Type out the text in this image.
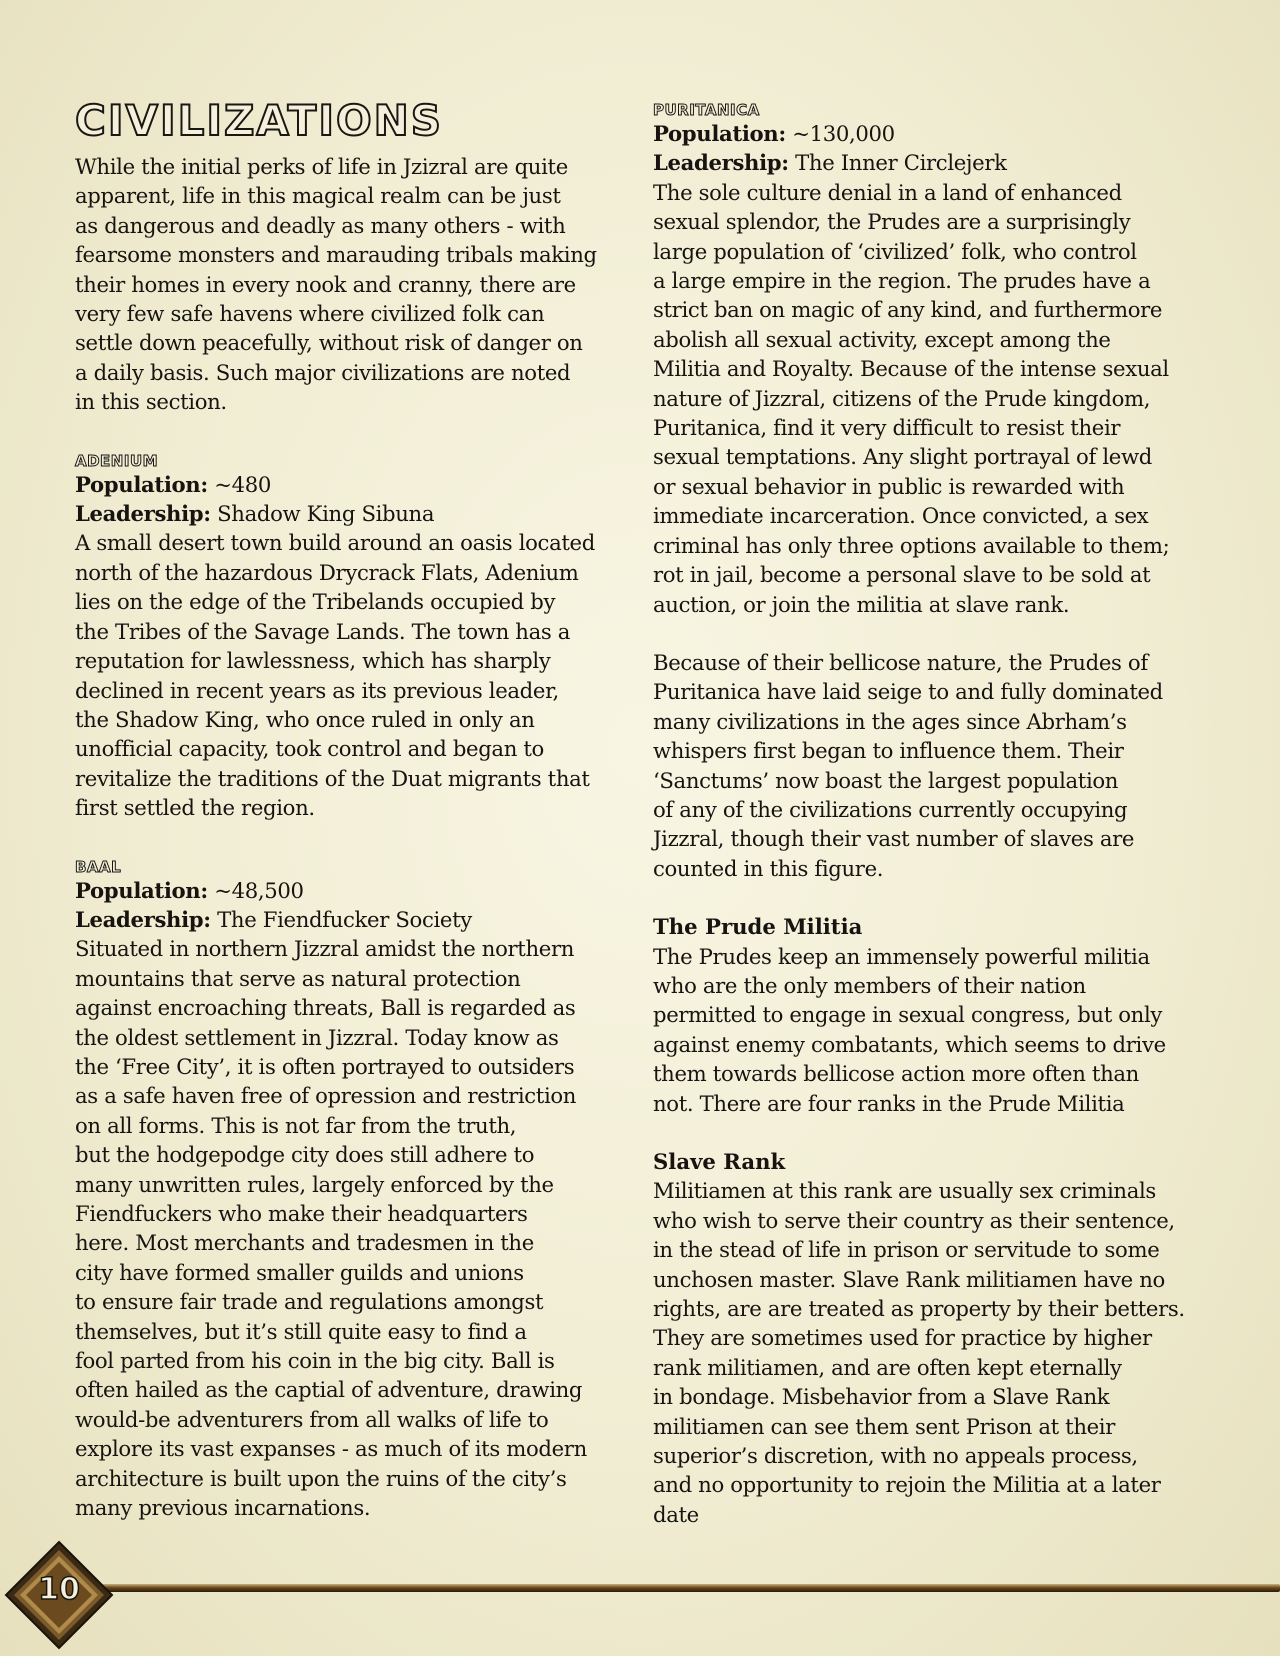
CIVILIZATIONS

While the initial perks of life in Jzizral are quite

apparent, life in this magical realm can be just

as dangerous and deadly as many others - with

fearsome monsters and marauding tribals making

their homes in every nook and cranny, there are

very few safe havens where civilized folk can

settle down peacefully, without risk of danger on

a daily basis. Such major civilizations are noted

in this section.

ADENIUM

Population: ~480

Leadership: Shadow King Sibuna

A small desert town build around an oasis located

north of the hazardous Drycrack Flats, Adenium

lies on the edge of the Tribelands occupied by

the Tribes of the Savage Lands. The town has a

reputation for lawlessness, which has sharply

declined in recent years as its previous leader,

the Shadow King, who once ruled in only an

unofficial capacity, took control and began to

revitalize the traditions of the Duat migrants that

first settled the region.

BAAL

Population: ~48,500

Leadership: The Fiendfucker Society

Situated in northern Jizzral amidst the northern

mountains that serve as natural protection

against encroaching threats, Ball is regarded as

the oldest settlement in Jizzral. Today know as

the ‘Free City’, it is often portrayed to outsiders

as a safe haven free of opression and restriction

on all forms. This is not far from the truth,

but the hodgepodge city does still adhere to

many unwritten rules, largely enforced by the

Fiendfuckers who make their headquarters

here. Most merchants and tradesmen in the

city have formed smaller guilds and unions

to ensure fair trade and regulations amongst

themselves, but it’s still quite easy to find a

fool parted from his coin in the big city. Ball is

often hailed as the captial of adventure, drawing

would-be adventurers from all walks of life to

explore its vast expanses - as much of its modern

architecture is built upon the ruins of the city’s

many previous incarnations.

PURITANICA

Population: ~130,000

Leadership: The Inner Circlejerk

The sole culture denial in a land of enhanced

sexual splendor, the Prudes are a surprisingly

large population of ‘civilized’ folk, who control

a large empire in the region. The prudes have a

strict ban on magic of any kind, and furthermore

abolish all sexual activity, except among the

Militia and Royalty. Because of the intense sexual

nature of Jizzral, citizens of the Prude kingdom,

Puritanica, find it very difficult to resist their

sexual temptations. Any slight portrayal of lewd

or sexual behavior in public is rewarded with

immediate incarceration. Once convicted, a sex

criminal has only three options available to them;

rot in jail, become a personal slave to be sold at

auction, or join the militia at slave rank.

Because of their bellicose nature, the Prudes of

Puritanica have laid seige to and fully dominated

many civilizations in the ages since Abrham’s

whispers first began to influence them. Their

‘Sanctums’ now boast the largest population

of any of the civilizations currently occupying

Jizzral, though their vast number of slaves are

counted in this figure.

The Prude Militia

The Prudes keep an immensely powerful militia

who are the only members of their nation

permitted to engage in sexual congress, but only

against enemy combatants, which seems to drive

them towards bellicose action more often than

not. There are four ranks in the Prude Militia

Slave Rank

Militiamen at this rank are usually sex criminals

who wish to serve their country as their sentence,

in the stead of life in prison or servitude to some

unchosen master. Slave Rank militiamen have no

rights, are are treated as property by their betters.

They are sometimes used for practice by higher

rank militiamen, and are often kept eternally

in bondage. Misbehavior from a Slave Rank

militiamen can see them sent Prison at their

superior’s discretion, with no appeals process,

and no opportunity to rejoin the Militia at a later

date

10
